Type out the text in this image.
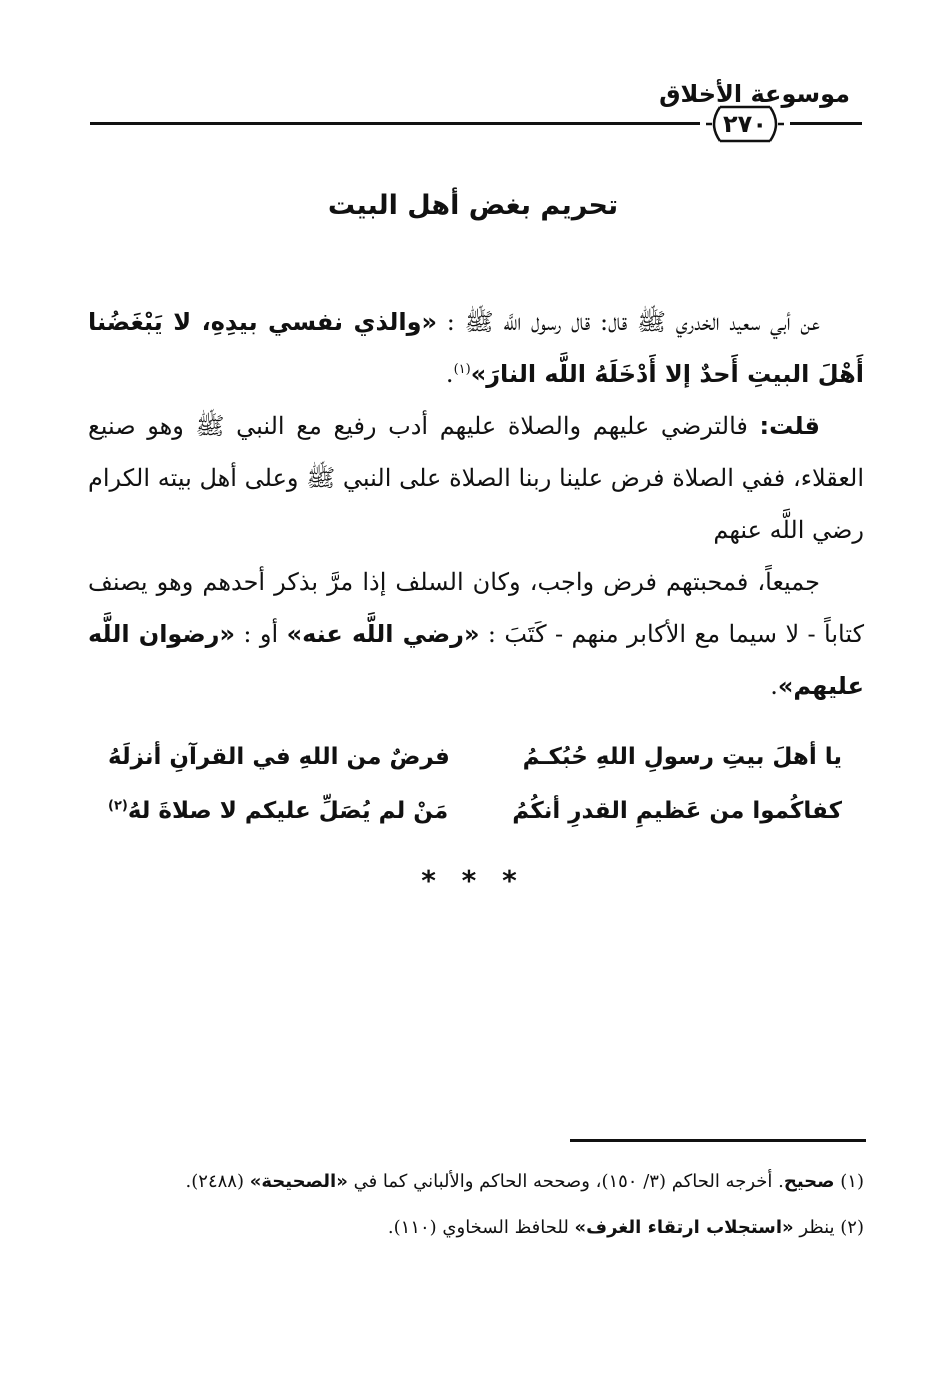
موسوعة الأخلاق
٢٧٠
تحريم بغض أهل البيت

عن أبي سعيد الخدري ﷺ قال: قال رسول اللَّه ﷺ : «والذي نفسي بيدِهِ، لا يَبْغَضُنا أَهْلَ البيتِ أَحدٌ إلا أَدْخَلَهُ اللَّه النارَ»$^{(١)}$.

قلت: فالترضي عليهم والصلاة عليهم أدب رفيع مع النبي ﷺ وهو صنيع العقلاء، ففي الصلاة فرض علينا ربنا الصلاة على النبي ﷺ وعلى أهل بيته الكرام رضي اللَّه عنهم

جميعاً، فمحبتهم فرض واجب، وكان السلف إذا مرَّ بذكر أحدهم وهو يصنف كتاباً - لا سيما مع الأكابر منهم - كَتَبَ : «رضي اللَّه عنه» أو : «رضوان اللَّه عليهم».

يا أهلَ بيتِ رسولِ اللهِ حُبُكـمُ
فرضٌ من اللهِ في القرآنِ أنزلَهُ
كفاكُموا من عَظيمِ القدرِ أنكُمُ
مَنْ لم يُصَلِّ عليكم لا صلاةَ لهُ$^{(٢)}$
* * *

(١) صحيح. أخرجه الحاكم (٣/ ١٥٠)، وصححه الحاكم والألباني كما في «الصحيحة» (٢٤٨٨).

(٢) ينظر «استجلاب ارتقاء الغرف» للحافظ السخاوي (١١٠).
